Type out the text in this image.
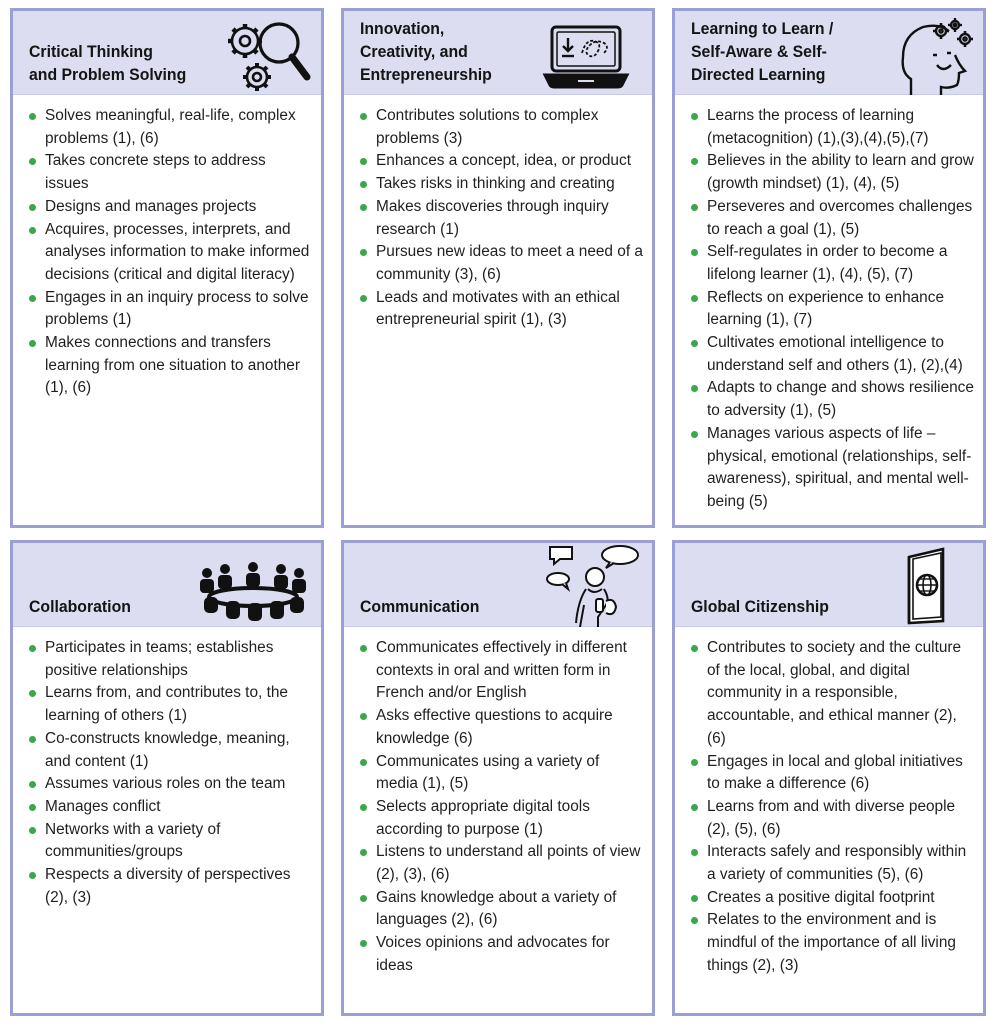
Critical Thinking
and Problem Solving
Solves meaningful, real-life, complex problems (1), (6)
Takes concrete steps to address issues
Designs and manages projects
Acquires, processes, interprets, and analyses information to make informed decisions (critical and digital literacy)
Engages in an inquiry process to solve problems (1)
Makes connections and transfers learning from one situation to another (1), (6)
Innovation,
Creativity, and
Entrepreneurship
Contributes solutions to complex problems (3)
Enhances a concept, idea, or product
Takes risks in thinking and creating
Makes discoveries through inquiry research (1)
Pursues new ideas to meet a need of a community (3), (6)
Leads and motivates with an ethical entrepreneurial spirit (1), (3)
Learning to Learn /
Self-Aware & Self-
Directed Learning
Learns the process of learning (metacognition) (1),(3),(4),(5),(7)
Believes in the ability to learn and grow (growth mindset) (1), (4), (5)
Perseveres and overcomes challenges to reach a goal (1), (5)
Self-regulates in order to become a lifelong learner (1), (4), (5), (7)
Reflects on experience to enhance learning (1), (7)
Cultivates emotional intelligence to understand self and others (1), (2),(4)
Adapts to change and shows resilience to adversity (1), (5)
Manages various aspects of life – physical, emotional (relationships, self-awareness), spiritual, and mental well-being (5)
Collaboration
Participates in teams; establishes positive relationships
Learns from, and contributes to, the learning of others (1)
Co-constructs knowledge, meaning, and content (1)
Assumes various roles on the team
Manages conflict
Networks with a variety of communities/groups
Respects a diversity of perspectives (2), (3)
Communication
Communicates effectively in different contexts in oral and written form in French and/or English
Asks effective questions to acquire knowledge (6)
Communicates using a variety of media (1), (5)
Selects appropriate digital tools according to purpose (1)
Listens to understand all points of view (2), (3), (6)
Gains knowledge about a variety of languages (2), (6)
Voices opinions and advocates for ideas
Global Citizenship
Contributes to society and the culture of the local, global, and digital community in a responsible, accountable, and ethical manner (2), (6)
Engages in local and global initiatives to make a difference (6)
Learns from and with diverse people (2), (5), (6)
Interacts safely and responsibly within a variety of communities (5), (6)
Creates a positive digital footprint
Relates to the environment and is mindful of the importance of all living things (2), (3)
